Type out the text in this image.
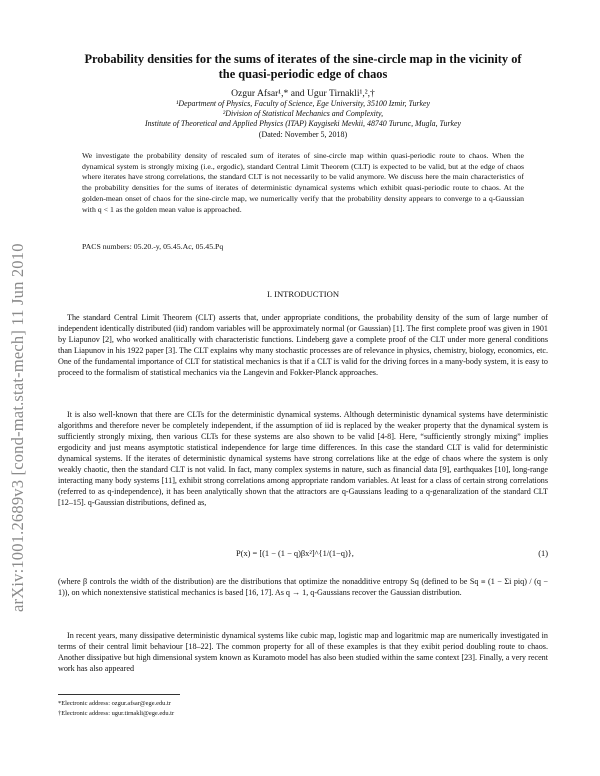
arXiv:1001.2689v3 [cond-mat.stat-mech] 11 Jun 2010
Probability densities for the sums of iterates of the sine-circle map in the vicinity of
the quasi-periodic edge of chaos
Ozgur Afsar¹,* and Ugur Tirnakli¹,²,†
¹Department of Physics, Faculty of Science, Ege University, 35100 Izmir, Turkey
²Division of Statistical Mechanics and Complexity,
Institute of Theoretical and Applied Physics (ITAP) Kaygiseki Mevkii, 48740 Turunc, Mugla, Turkey
(Dated: November 5, 2018)

We investigate the probability density of rescaled sum of iterates of sine-circle map within quasi-periodic route to chaos. When the dynamical system is strongly mixing (i.e., ergodic), standard Central Limit Theorem (CLT) is expected to be valid, but at the edge of chaos where iterates have strong correlations, the standard CLT is not necessarily to be valid anymore. We discuss here the main characteristics of the probability densities for the sums of iterates of deterministic dynamical systems which exhibit quasi-periodic route to chaos. At the golden-mean onset of chaos for the sine-circle map, we numerically verify that the probability density appears to converge to a q-Gaussian with q < 1 as the golden mean value is approached.

PACS numbers: 05.20.-y, 05.45.Ac, 05.45.Pq
I. INTRODUCTION

The standard Central Limit Theorem (CLT) asserts that, under appropriate conditions, the probability density of the sum of large number of independent identically distributed (iid) random variables will be approximately normal (or Gaussian) [1]. The first complete proof was given in 1901 by Liapunov [2], who worked analitically with characteristic functions. Lindeberg gave a complete proof of the CLT under more general conditions than Liapunov in his 1922 paper [3]. The CLT explains why many stochastic processes are of relevance in physics, chemistry, biology, economics, etc. One of the fundamental importance of CLT for statistical mechanics is that if a CLT is valid for the driving forces in a many-body system, it is easy to proceed to the formalism of statistical mechanics via the Langevin and Fokker-Planck approaches.

It is also well-known that there are CLTs for the deterministic dynamical systems. Although deterministic dynamical systems have deterministic algorithms and therefore never be completely independent, if the assumption of iid is replaced by the weaker property that the dynamical system is sufficiently strongly mixing, then various CLTs for these systems are also shown to be valid [4-8]. Here, “sufficiently strongly mixing” implies ergodicity and just means asymptotic statistical independence for large time differences. In this case the standard CLT is valid for deterministic dynamical systems. If the iterates of deterministic dynamical systems have strong correlations like at the edge of chaos where the system is only weakly chaotic, then the standard CLT is not valid. In fact, many complex systems in nature, such as financial data [9], earthquakes [10], long-range interacting many body systems [11], exhibit strong correlations among appropriate random variables. At least for a class of certain strong correlations (referred to as q-independence), it has been analytically shown that the attractors are q-Gaussians leading to a q-genaralization of the standard CLT [12–15]. q-Gaussian distributions, defined as,

P(x) = [(1 − (1 − q)βx²]^{1/(1−q)},	(1)

(where β controls the width of the distribution) are the distributions that optimize the nonadditive entropy Sq (defined to be Sq ≡ (1 − Σi piq) / (q − 1)), on which nonextensive statistical mechanics is based [16, 17]. As q → 1, q-Gaussians recover the Gaussian distribution.

In recent years, many dissipative deterministic dynamical systems like cubic map, logistic map and logaritmic map are numerically investigated in terms of their central limit behaviour [18–22]. The common property for all of these examples is that they exibit period doubling route to chaos. Another dissipative but high dimensional system known as Kuramoto model has also been studied within the same context [23]. Finally, a very recent work has also appeared

*Electronic address: ozgur.afsar@ege.edu.tr
†Electronic address: ugur.tirnakli@ege.edu.tr
